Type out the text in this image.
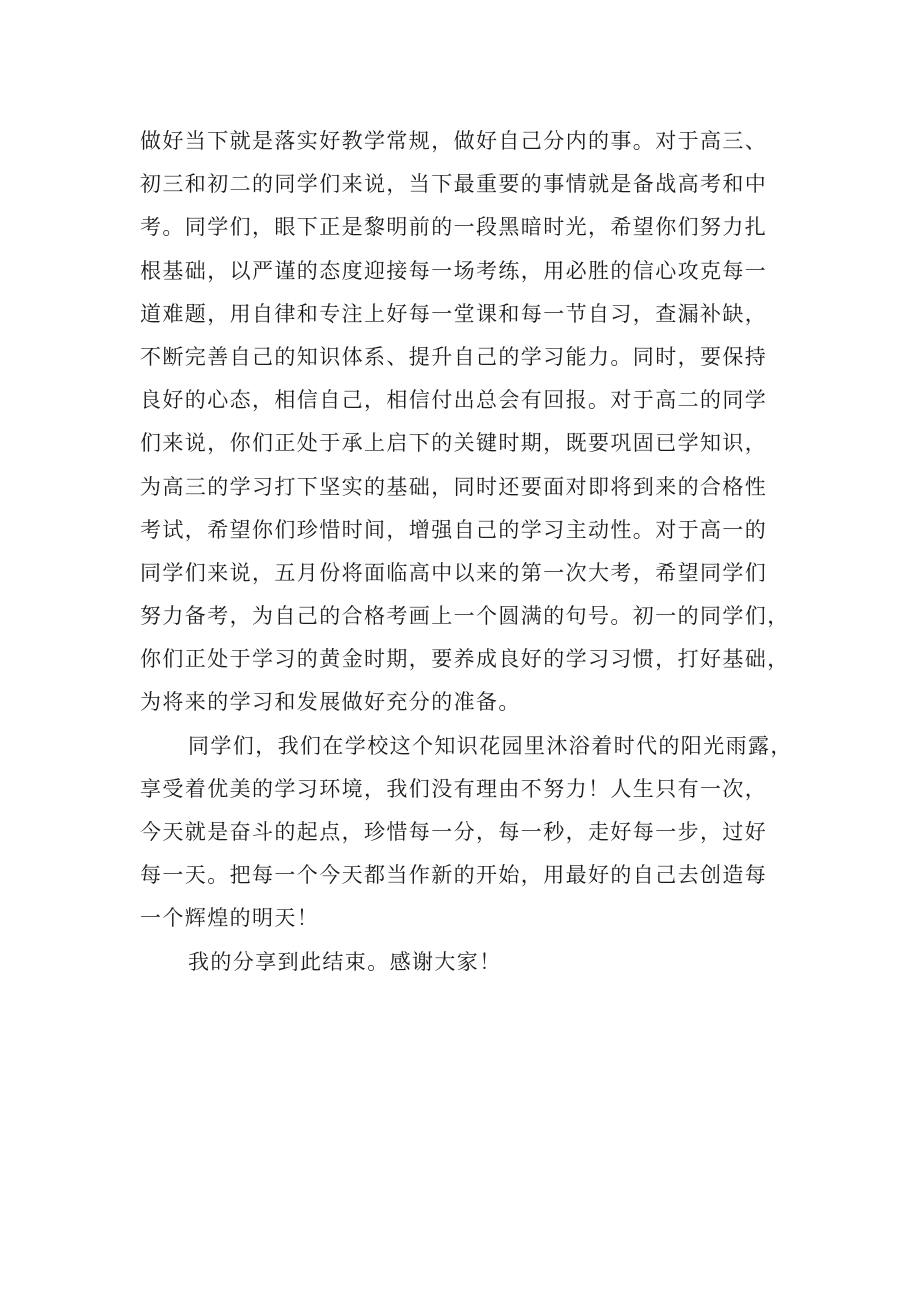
做好当下就是落实好教学常规，做好自己分内的事。对于高三、
初三和初二的同学们来说，当下最重要的事情就是备战高考和中
考。同学们，眼下正是黎明前的一段黑暗时光，希望你们努力扎
根基础，以严谨的态度迎接每一场考练，用必胜的信心攻克每一
道难题，用自律和专注上好每一堂课和每一节自习，查漏补缺，
不断完善自己的知识体系、提升自己的学习能力。同时，要保持
良好的心态，相信自己，相信付出总会有回报。对于高二的同学
们来说，你们正处于承上启下的关键时期，既要巩固已学知识，
为高三的学习打下坚实的基础，同时还要面对即将到来的合格性
考试，希望你们珍惜时间，增强自己的学习主动性。对于高一的
同学们来说，五月份将面临高中以来的第一次大考，希望同学们
努力备考，为自己的合格考画上一个圆满的句号。初一的同学们，
你们正处于学习的黄金时期，要养成良好的学习习惯，打好基础，
为将来的学习和发展做好充分的准备。
同学们，我们在学校这个知识花园里沐浴着时代的阳光雨露，
享受着优美的学习环境，我们没有理由不努力！人生只有一次，
今天就是奋斗的起点，珍惜每一分，每一秒，走好每一步，过好
每一天。把每一个今天都当作新的开始，用最好的自己去创造每
一个辉煌的明天！
我的分享到此结束。感谢大家！
